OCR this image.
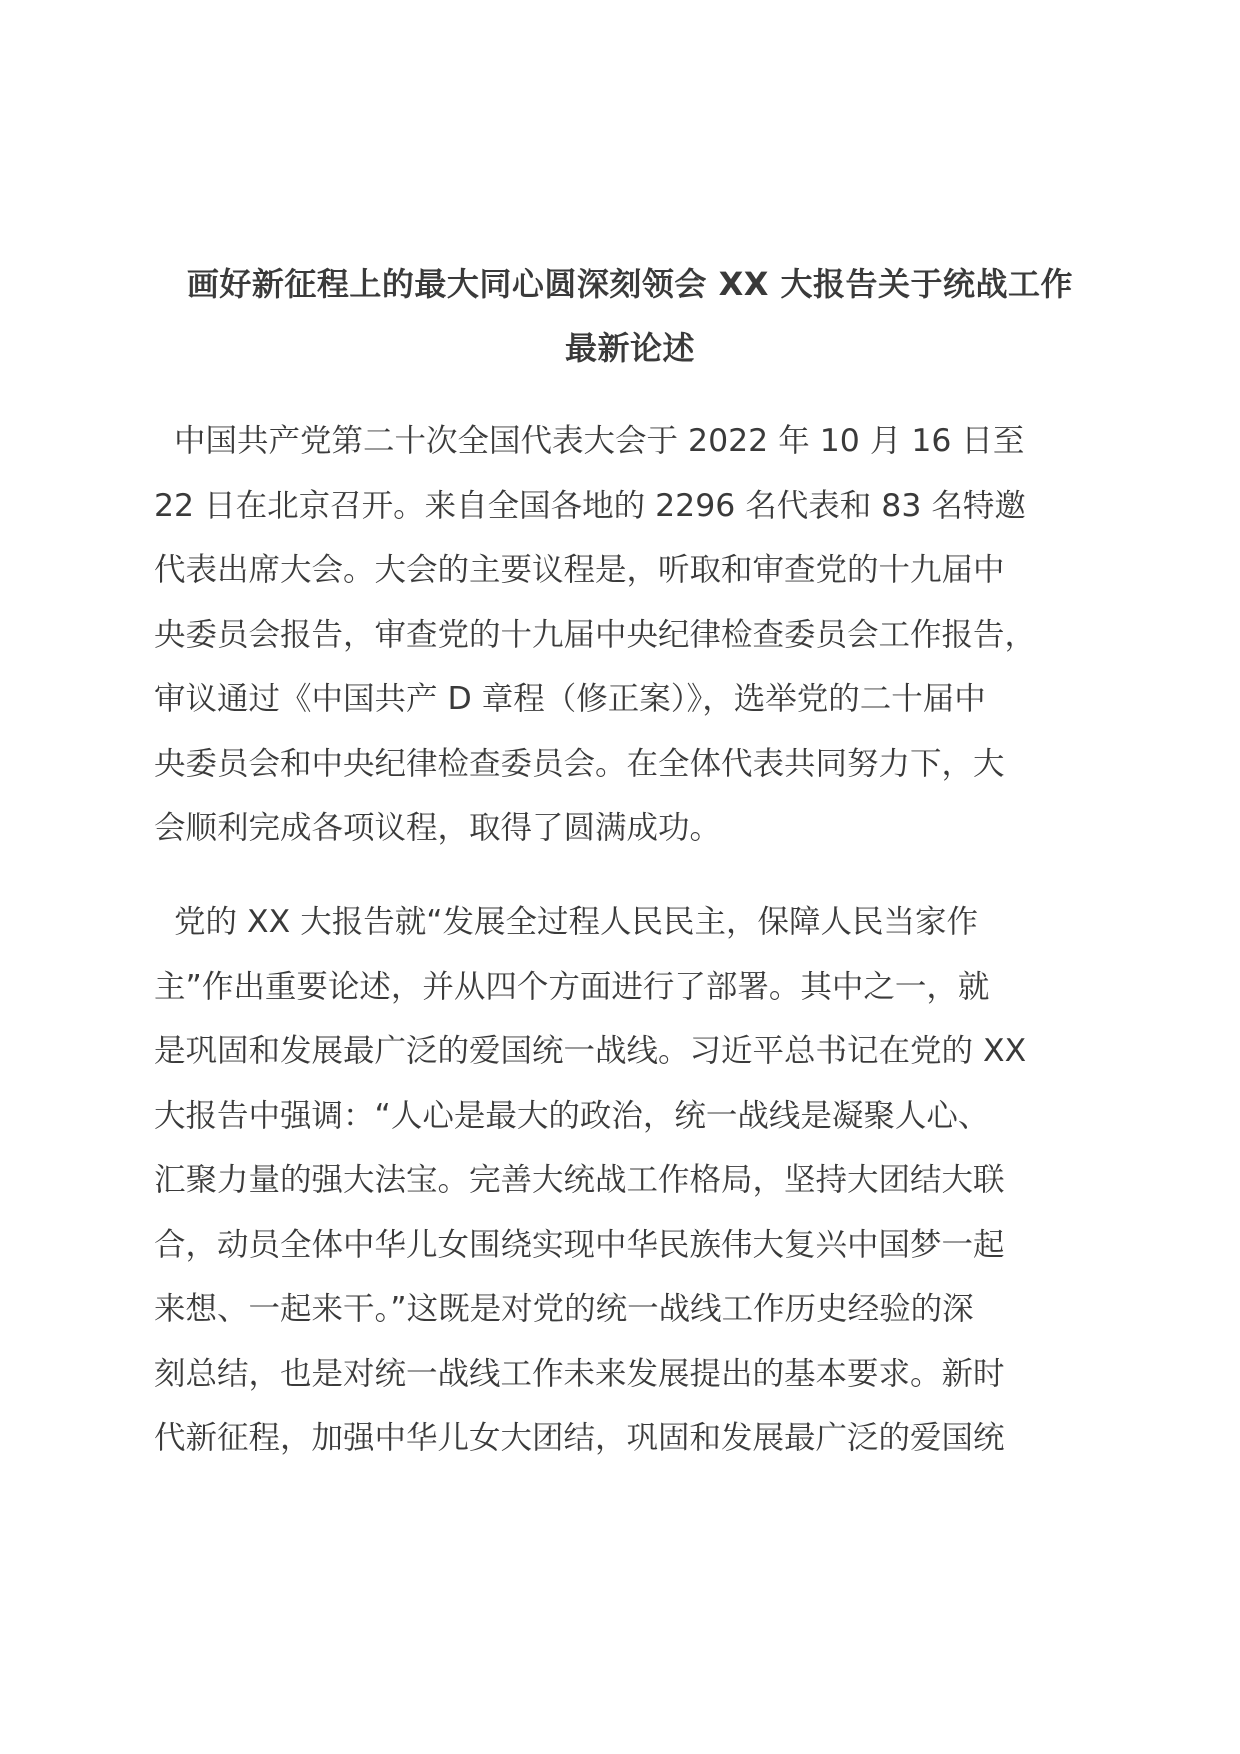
画好新征程上的最大同心圆深刻领会 XX 大报告关于统战工作
最新论述
中国共产党第二十次全国代表大会于 2022 年 10 月 16 日至
22 日在北京召开。来自全国各地的 2296 名代表和 83 名特邀
代表出席大会。大会的主要议程是，听取和审查党的十九届中
央委员会报告，审查党的十九届中央纪律检查委员会工作报告，
审议通过《中国共产 D 章程（修正案）》，选举党的二十届中
央委员会和中央纪律检查委员会。在全体代表共同努力下，大
会顺利完成各项议程，取得了圆满成功。
党的 XX 大报告就“发展全过程人民民主，保障人民当家作
主”作出重要论述，并从四个方面进行了部署。其中之一，就
是巩固和发展最广泛的爱国统一战线。习近平总书记在党的 XX
大报告中强调：“人心是最大的政治，统一战线是凝聚人心、
汇聚力量的强大法宝。完善大统战工作格局，坚持大团结大联
合，动员全体中华儿女围绕实现中华民族伟大复兴中国梦一起
来想、一起来干。”这既是对党的统一战线工作历史经验的深
刻总结，也是对统一战线工作未来发展提出的基本要求。新时
代新征程，加强中华儿女大团结，巩固和发展最广泛的爱国统
